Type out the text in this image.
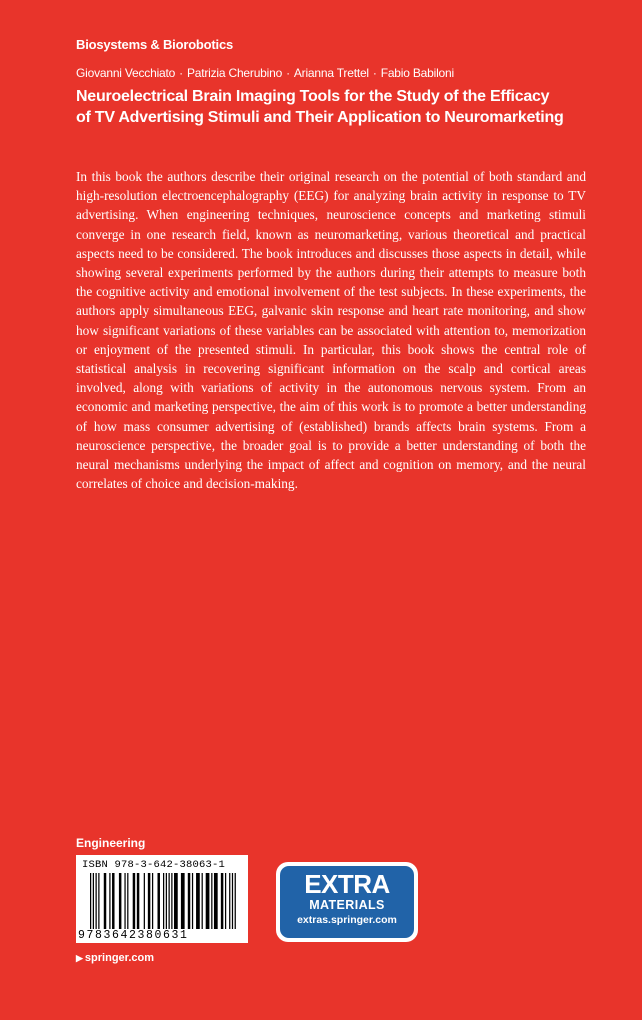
Biosystems & Biorobotics
Giovanni Vecchiato · Patrizia Cherubino · Arianna Trettel · Fabio Babiloni
Neuroelectrical Brain Imaging Tools for the Study of the Efficacy
of TV Advertising Stimuli and Their Application to Neuromarketing

In this book the authors describe their original research on the potential of both standard and high-resolution electroencephalography (EEG) for analyzing brain activity in response to TV advertising. When engineering techniques, neuroscience concepts and marketing stimuli converge in one research field, known as neuromarketing, various theoretical and practical aspects need to be considered. The book introduces and discusses those aspects in detail, while showing several experiments performed by the authors during their attempts to measure both the cognitive activity and emotional involvement of the test subjects. In these experiments, the authors apply simultaneous EEG, galvanic skin response and heart rate monitoring, and show how significant variations of these variables can be associated with attention to, memorization or enjoyment of the presented stimuli. In particular, this book shows the central role of statistical analysis in recovering significant information on the scalp and cortical areas involved, along with variations of activity in the autonomous nervous system. From an economic and marketing perspective, the aim of this work is to promote a better understanding of how mass consumer advertising of (established) brands affects brain systems. From a neuroscience perspective, the broader goal is to provide a better understanding of both the neural mechanisms underlying the impact of affect and cognition on memory, and the neural correlates of choice and decision-making.

Engineering
ISBN 978-3-642-38063-1
9783642380631
▶ springer.com
EXTRA
MATERIALS
extras.springer.com
